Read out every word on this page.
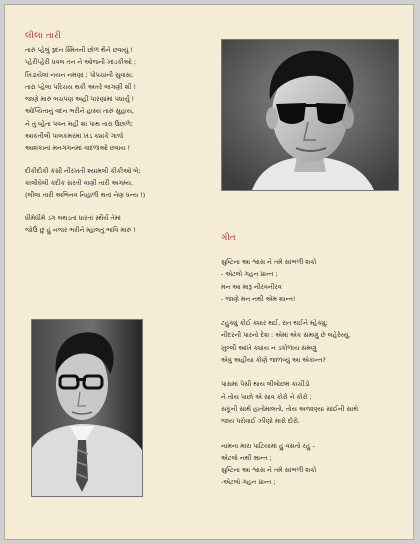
લીલા તારી
તારું પ્હેલું રૂદન સ્મિતની છોળ થૈને છવાયું !
પ્હેરીપ્હેરી ધવલ તન ને ઓજની ખાંડકીઓ ;
ખિડાયેલાં નયન નમણાં ; પોપચાંની સુવાસ;
તારા પ્હેલા પરિચય થકી અંતરે લાગણી શી !
જાણે મારું બચપણ અહીં પારણામાં પધાર્યું !
ઓપ્યિતાનું વદન ભરીને હાસ્ય તારું સુહાય,
ને તું વ્હેતા પવન મહીં શા પાથ તારા ઉછાળે;
આંકતીલી પાલકમરમાં ખંડ ક્યાંકે ગાજે
આશંકાનાં મનગગનમાં વાદળાંઓ છવાય !
દીકીદીકી કંસી નીરખતી શ્યામલી કીકીઓ બે;
કાલીઘેલી કદીક સરતી વાણી તારી અગમ્ય.
(લીલા તારી અભિનવ નિહાળી થતાં નેણ ધન્ય !)
ધીમેધીમે ડગ લથડતાં ધારતાં સ્થૈર્ય તેમાં
જોઉં છું હું નજર ભરીને મ્હાલતું ભાવિ મારું !
ગીત
સુષ્ટિના આ શ્વાસ ને તમે સાંભળી શકો
- એટલો ગહન પ્રાન્ત ;
મન આ મારૂં નીરવનીરવ
- જાણે મન નથી એમ શાન્ત!
ટહુક્યું કોઈ ક્યાર થઈ, રાત થઈને મ્હેક્યું;
નીંદરની પારનો દેશ : એમાં એક સમણું છે લહેરેય્યું.
ખુલ્લી આંખે ક્યાંય ન ડકોળાય સમણું
એવું અહીંયા કોણે જાળવ્યું આ એકાન્ત?
પાસમાં પેસી થાય લીલોછમ કાચીંડો
ને તોય પાછો એ સાવ કોરો ને કોરો ;
સકૂની સાથે હ્રાતોમાલતો, તોય અજાણ્યા સાંઈની સાથે
જાય પરોવાઈ ઝીણો મારો દોરો.
નામના મારા પાટિયામાં હું વસતો રહું -
એટલો નથી ભ્રાન્ત ;
સુષ્ટિના આ શ્વાસ ને તમે સાંભળી શકો
-એટલો ગહન પ્રાન્ત ;
